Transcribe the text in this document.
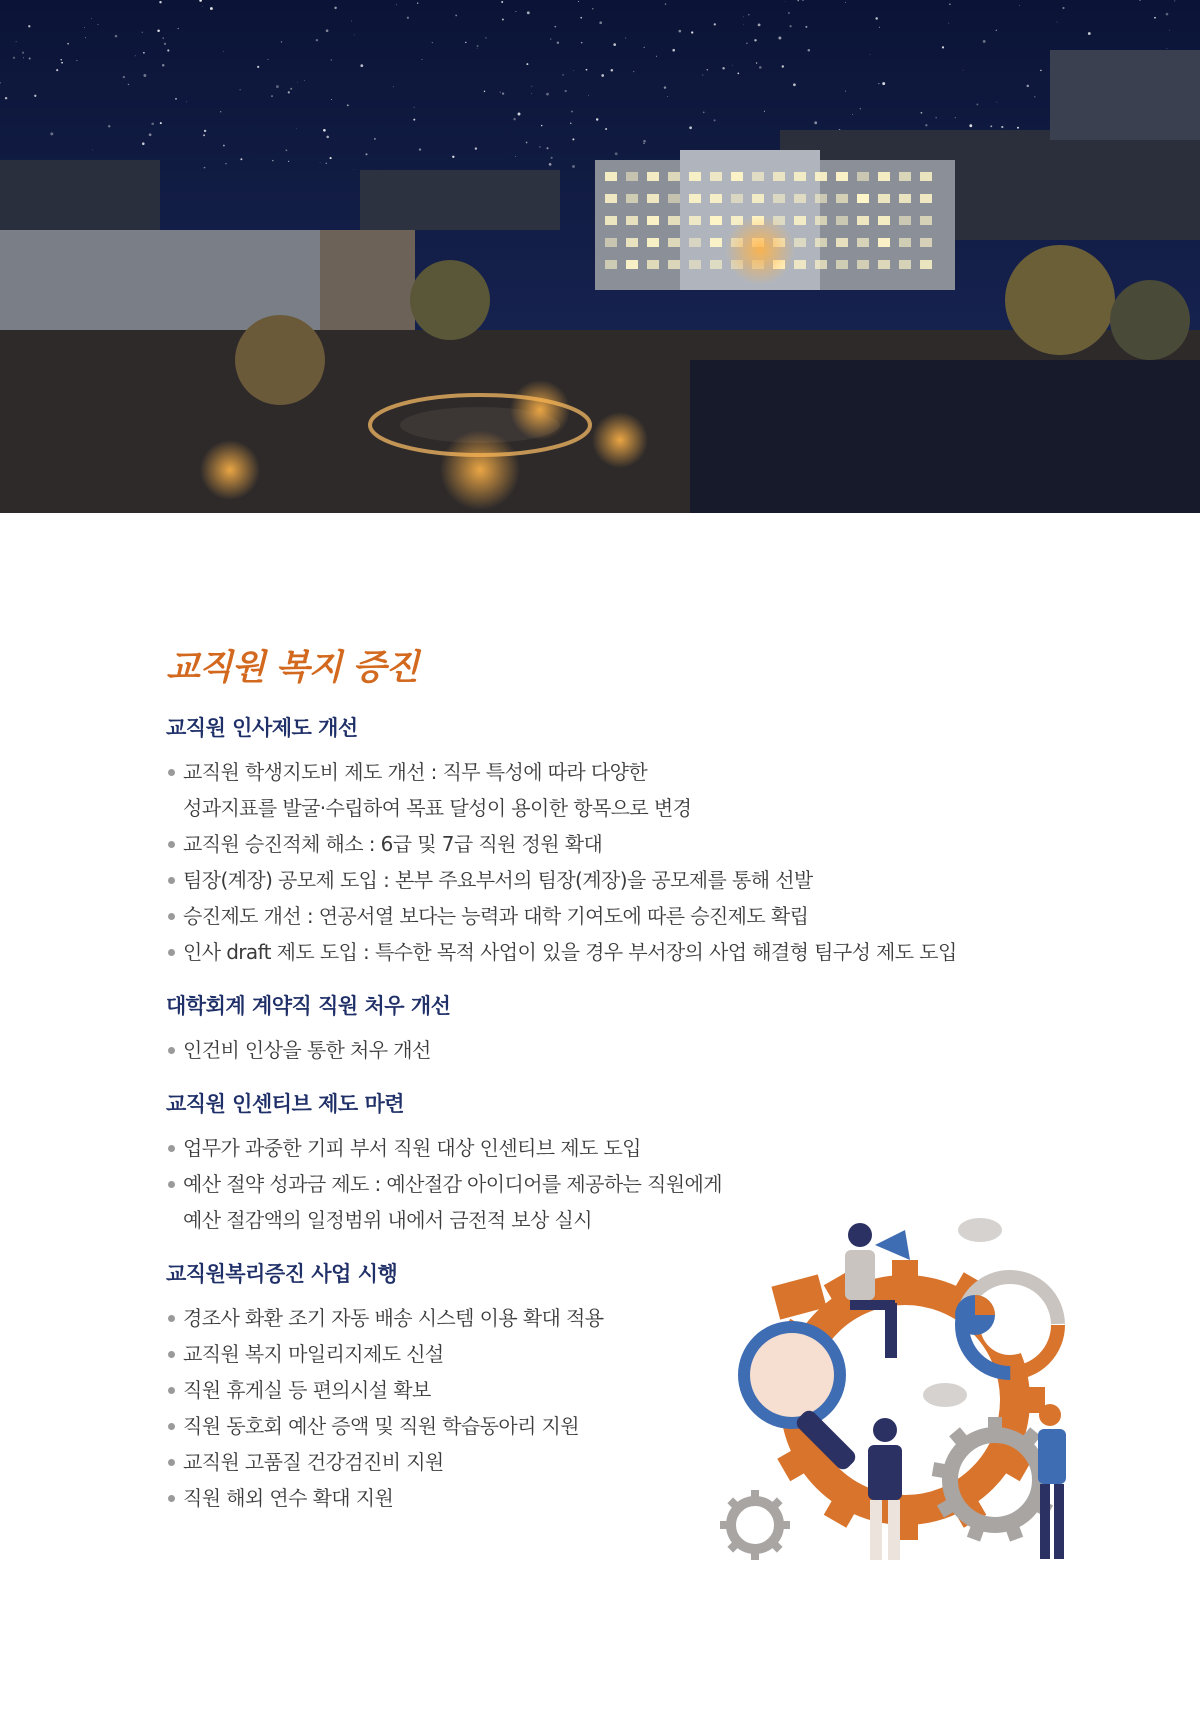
교직원 복지 증진
교직원 인사제도 개선
교직원 학생지도비 제도 개선 : 직무 특성에 따라 다양한
성과지표를 발굴·수립하여 목표 달성이 용이한 항목으로 변경
교직원 승진적체 해소 : 6급 및 7급 직원 정원 확대
팀장(계장) 공모제 도입 : 본부 주요부서의 팀장(계장)을 공모제를 통해 선발
승진제도 개선 : 연공서열 보다는 능력과 대학 기여도에 따른 승진제도 확립
인사 draft 제도 도입 : 특수한 목적 사업이 있을 경우 부서장의 사업 해결형 팀구성 제도 도입
대학회계 계약직 직원 처우 개선
인건비 인상을 통한 처우 개선
교직원 인센티브 제도 마련
업무가 과중한 기피 부서 직원 대상 인센티브 제도 도입
예산 절약 성과금 제도 : 예산절감 아이디어를 제공하는 직원에게
예산 절감액의 일정범위 내에서 금전적 보상 실시
교직원복리증진 사업 시행
경조사 화환 조기 자동 배송 시스템 이용 확대 적용
교직원 복지 마일리지제도 신설
직원 휴게실 등 편의시설 확보
직원 동호회 예산 증액 및 직원 학습동아리 지원
교직원 고품질 건강검진비 지원
직원 해외 연수 확대 지원
